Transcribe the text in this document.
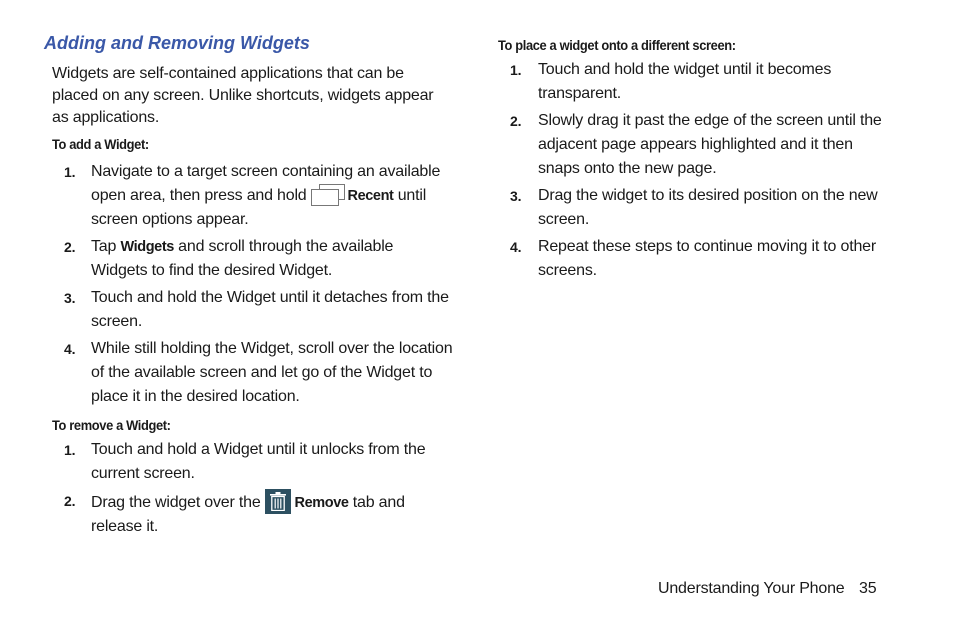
Adding and Removing Widgets
Widgets are self-contained applications that can be placed on any screen. Unlike shortcuts, widgets appear as applications.
To add a Widget:
1. Navigate to a target screen containing an available open area, then press and hold	Recent until screen options appear.
2. Tap Widgets and scroll through the available Widgets to find the desired Widget.
3. Touch and hold the Widget until it detaches from the screen.
4. While still holding the Widget, scroll over the location of the available screen and let go of the Widget to place it in the desired location.
To remove a Widget:
1. Touch and hold a Widget until it unlocks from the current screen.
2. Drag the widget over the Remove tab and release it.
To place a widget onto a different screen:
1. Touch and hold the widget until it becomes transparent.
2. Slowly drag it past the edge of the screen until the adjacent page appears highlighted and it then snaps onto the new page.
3. Drag the widget to its desired position on the new screen.
4. Repeat these steps to continue moving it to other screens.
Understanding Your Phone 35
